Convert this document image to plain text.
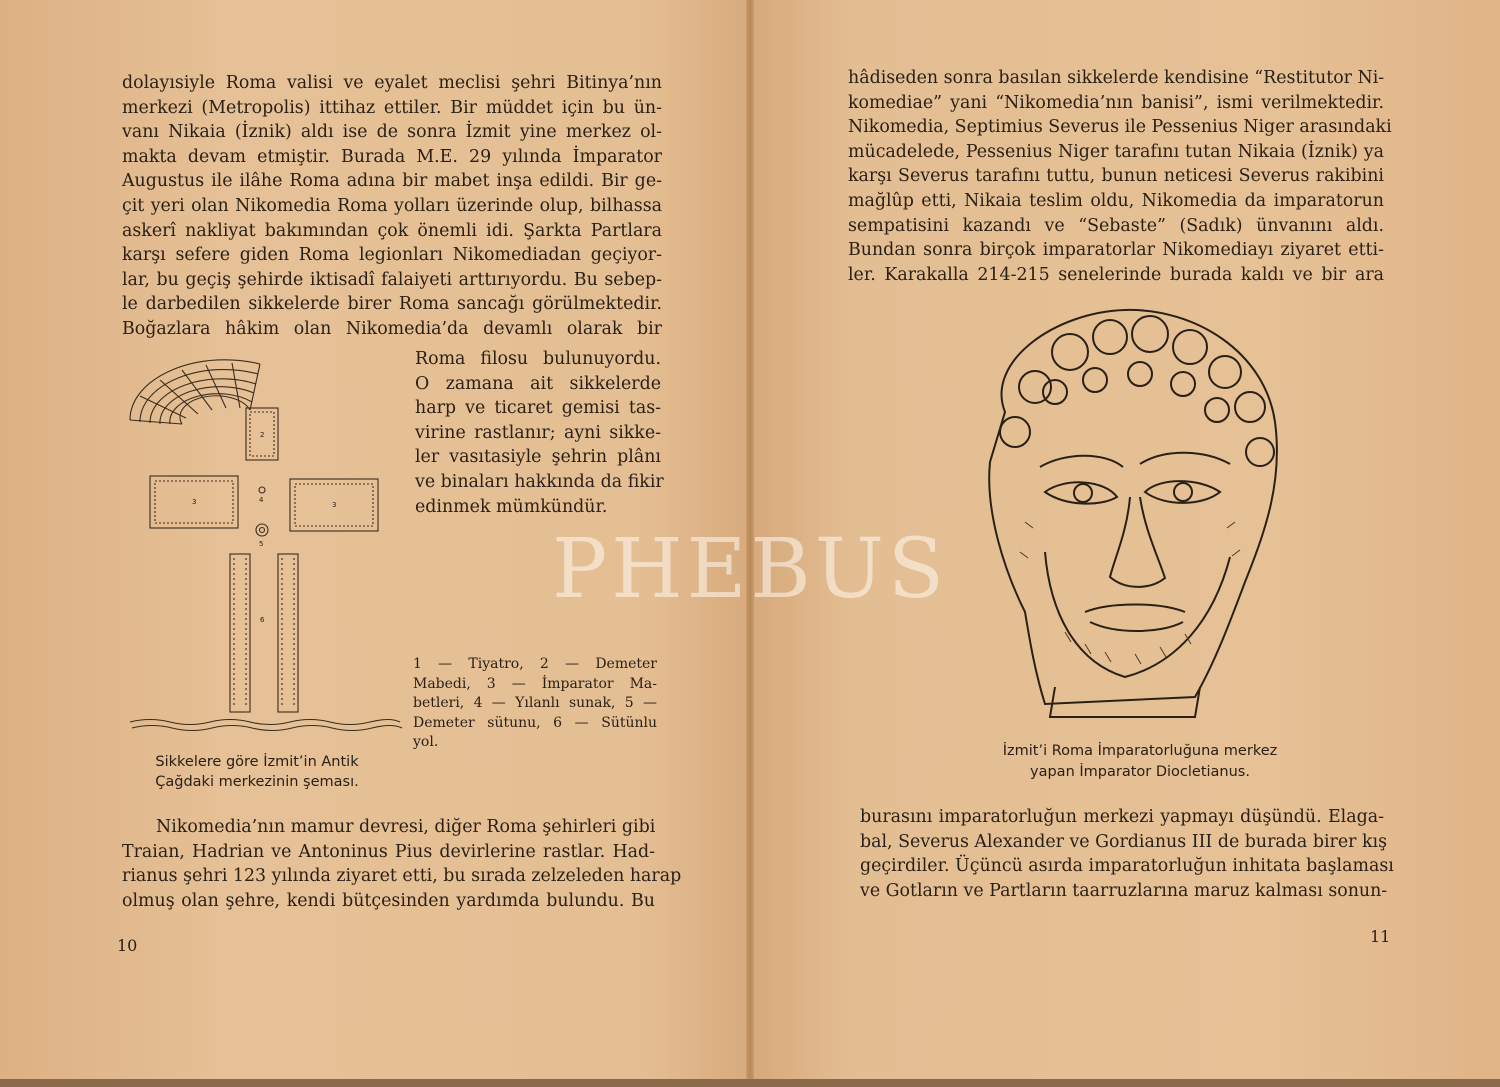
dolayısiyle Roma valisi ve eyalet meclisi şehri Bitinya’nın
merkezi (Metropolis) ittihaz ettiler. Bir müddet için bu ün-
vanı Nikaia (İznik) aldı ise de sonra İzmit yine merkez ol-
makta devam etmiştir. Burada M.E. 29 yılında İmparator
Augustus ile ilâhe Roma adına bir mabet inşa edildi. Bir ge-
çit yeri olan Nikomedia Roma yolları üzerinde olup, bilhassa
askerî nakliyat bakımından çok önemli idi. Şarkta Partlara
karşı sefere giden Roma legionları Nikomediadan geçiyor-
lar, bu geçiş şehirde iktisadî falaiyeti arttırıyordu. Bu sebep-
le darbedilen sikkelerde birer Roma sancağı görülmektedir.
Boğazlara hâkim olan Nikomedia’da devamlı olarak bir
Roma filosu bulunuyordu.
O zamana ait sikkelerde
harp ve ticaret gemisi tas-
virine rastlanır; ayni sikke-
ler vasıtasiyle şehrin plânı
ve binaları hakkında da fikir
edinmek mümkündür.
2
3	4
3
5
6
1 — Tiyatro, 2 — Demeter
Mabedi, 3 — İmparator Ma-
betleri, 4 — Yılanlı sunak, 5 —
Demeter sütunu, 6 — Sütünlu
yol.
Sikkelere göre İzmit’in Antik
Çağdaki merkezinin şeması.
Nikomedia’nın mamur devresi, diğer Roma şehirleri gibi
Traian, Hadrian ve Antoninus Pius devirlerine rastlar. Had-
rianus şehri 123 yılında ziyaret etti, bu sırada zelzeleden harap
olmuş olan şehre, kendi bütçesinden yardımda bulundu. Bu
10
hâdiseden sonra basılan sikkelerde kendisine “Restitutor Ni-
komediae” yani “Nikomedia’nın banisi”, ismi verilmektedir.
Nikomedia, Septimius Severus ile Pessenius Niger arasındaki
mücadelede, Pessenius Niger tarafını tutan Nikaia (İznik) ya
karşı Severus tarafını tuttu, bunun neticesi Severus rakibini
mağlûp etti, Nikaia teslim oldu, Nikomedia da imparatorun
sempatisini kazandı ve “Sebaste” (Sadık) ünvanını aldı.
Bundan sonra birçok imparatorlar Nikomediayı ziyaret etti-
ler. Karakalla 214-215 senelerinde burada kaldı ve bir ara
İzmit’i Roma İmparatorluğuna merkez
yapan İmparator Diocletianus.
burasını imparatorluğun merkezi yapmayı düşündü. Elaga-
bal, Severus Alexander ve Gordianus III de burada birer kış
geçirdiler. Üçüncü asırda imparatorluğun inhitata başlaması
ve Gotların ve Partların taarruzlarına maruz kalması sonun-
11
PHEBUS
